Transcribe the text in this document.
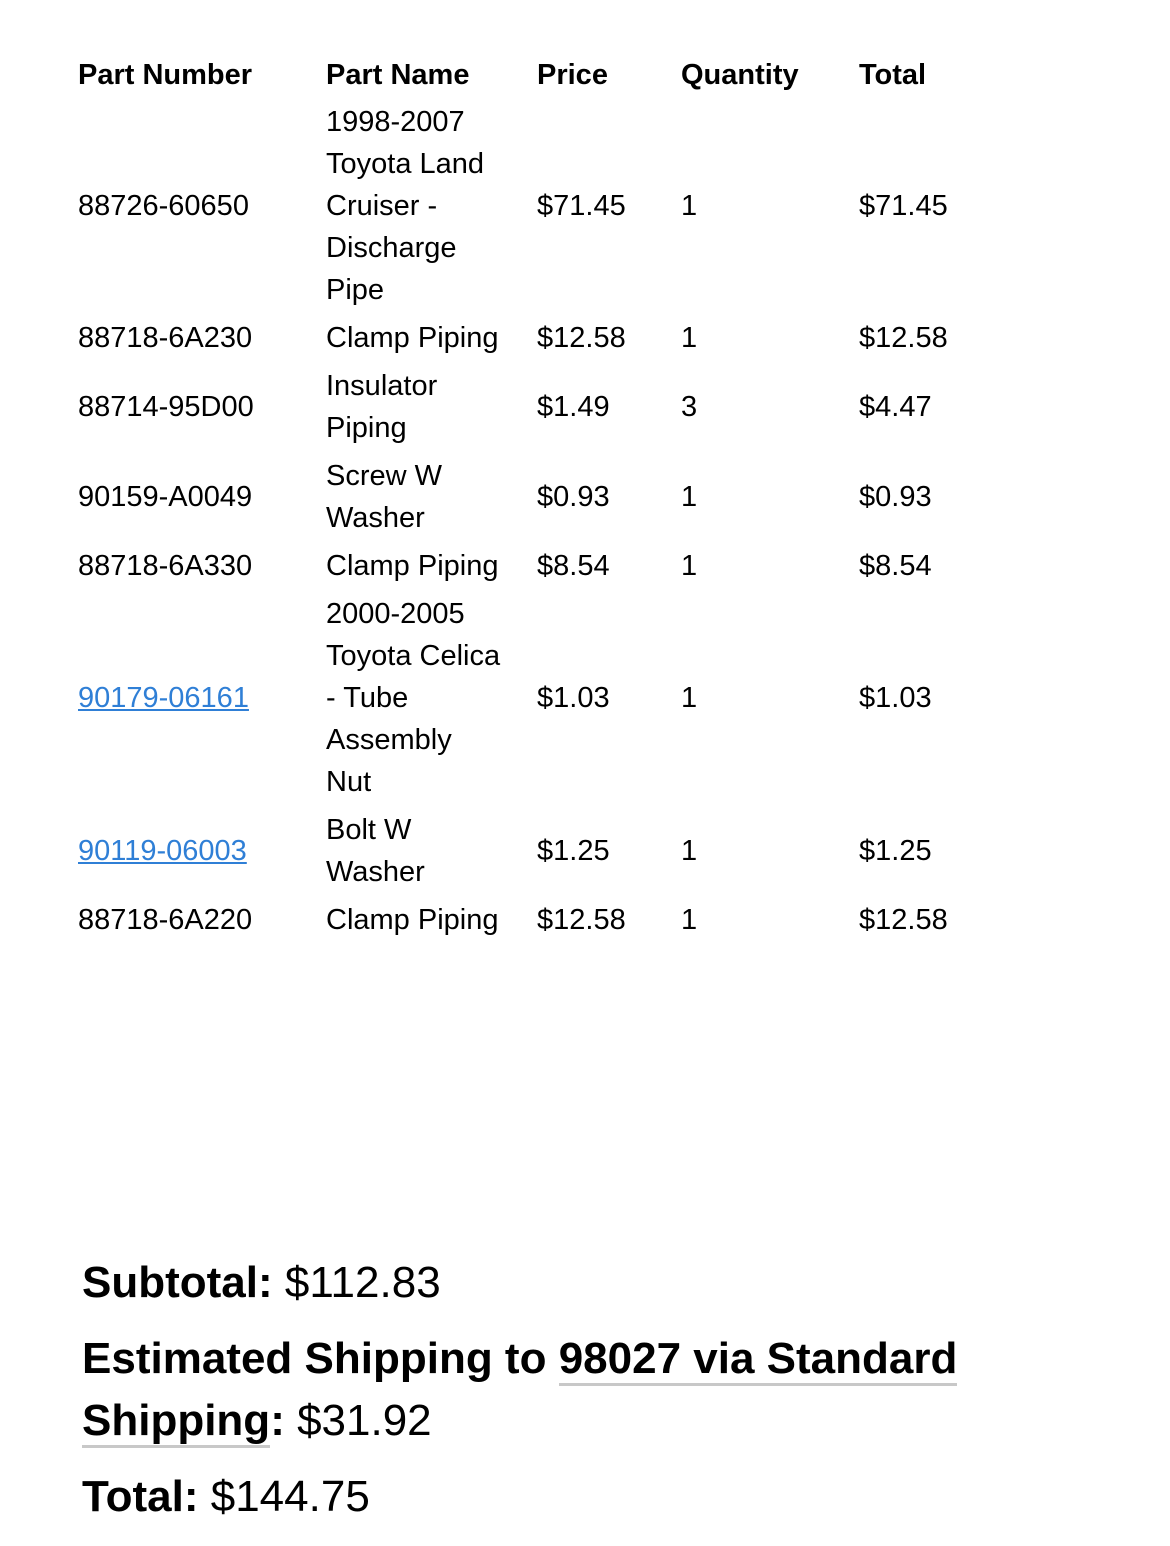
Part Number	Part Name	Price	Quantity	Total
88726-60650	1998-2007 Toyota Land Cruiser - Discharge Pipe	$71.45	1	$71.45
88718-6A230	Clamp Piping	$12.58	1	$12.58
88714-95D00	Insulator Piping	$1.49	3	$4.47
90159-A0049	Screw W Washer	$0.93	1	$0.93
88718-6A330	Clamp Piping	$8.54	1	$8.54
90179-06161	2000-2005 Toyota Celica - Tube Assembly Nut	$1.03	1	$1.03
90119-06003	Bolt W Washer	$1.25	1	$1.25
88718-6A220	Clamp Piping	$12.58	1	$12.58

Subtotal: $112.83

Estimated Shipping to 98027 via Standard Shipping: $31.92

Total: $144.75
